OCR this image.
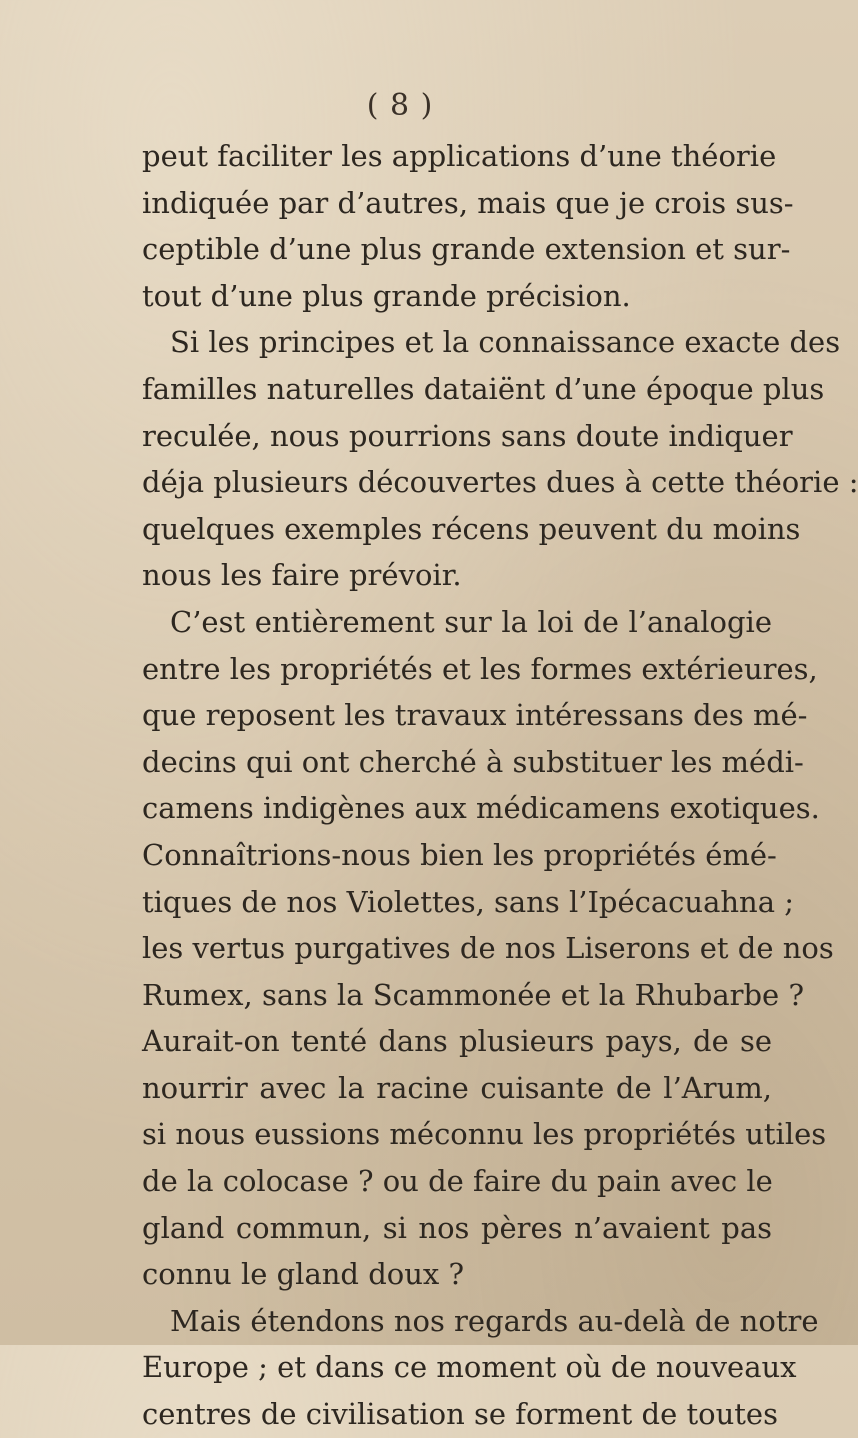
( 8 )
peut faciliter les applications d’une théorie
indiquée par d’autres, mais que je crois sus-
ceptible d’une plus grande extension et sur-
tout d’une plus grande précision.
Si les principes et la connaissance exacte des
familles naturelles dataiënt d’une époque plus
reculée, nous pourrions sans doute indiquer
déja plusieurs découvertes dues à cette théorie :
quelques exemples récens peuvent du moins
nous les faire prévoir.
C’est entièrement sur la loi de l’analogie
entre les propriétés et les formes extérieures,
que reposent les travaux intéressans des mé-
decins qui ont cherché à substituer les médi-
camens indigènes aux médicamens exotiques.
Connaîtrions-nous bien les propriétés émé-
tiques de nos Violettes, sans l’Ipécacuahna ;
les vertus purgatives de nos Liserons et de nos
Rumex, sans la Scammonée et la Rhubarbe ?
Aurait-on tenté dans plusieurs pays, de se
nourrir avec la racine cuisante de l’Arum,
si nous eussions méconnu les propriétés utiles
de la colocase ? ou de faire du pain avec le
gland commun, si nos pères n’avaient pas
connu le gland doux ?
Mais étendons nos regards au-delà de notre
Europe ; et dans ce moment où de nouveaux
centres de civilisation se forment de toutes
